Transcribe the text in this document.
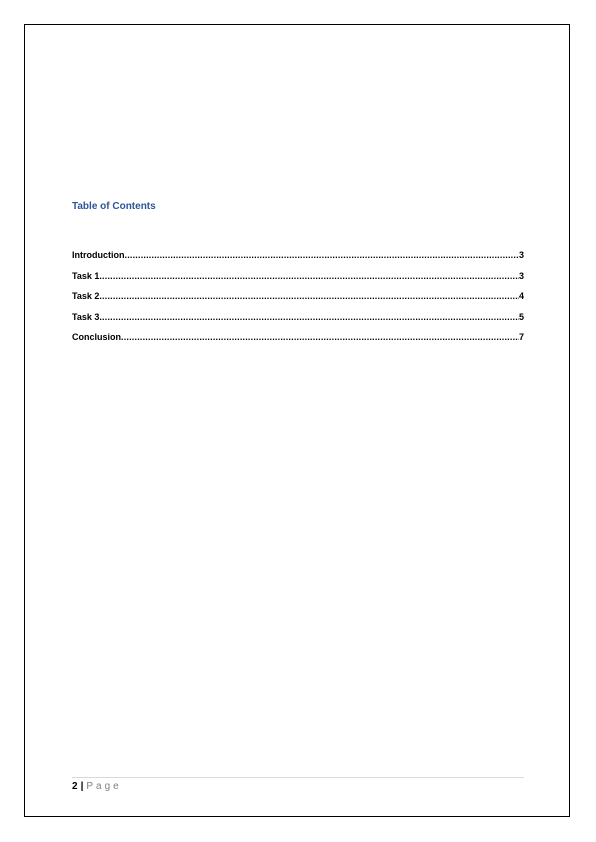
Table of Contents
Introduction .....	3
Task 1 .....	3
Task 2 .....	4
Task 3 .....	5
Conclusion .....	7
2 | Page
